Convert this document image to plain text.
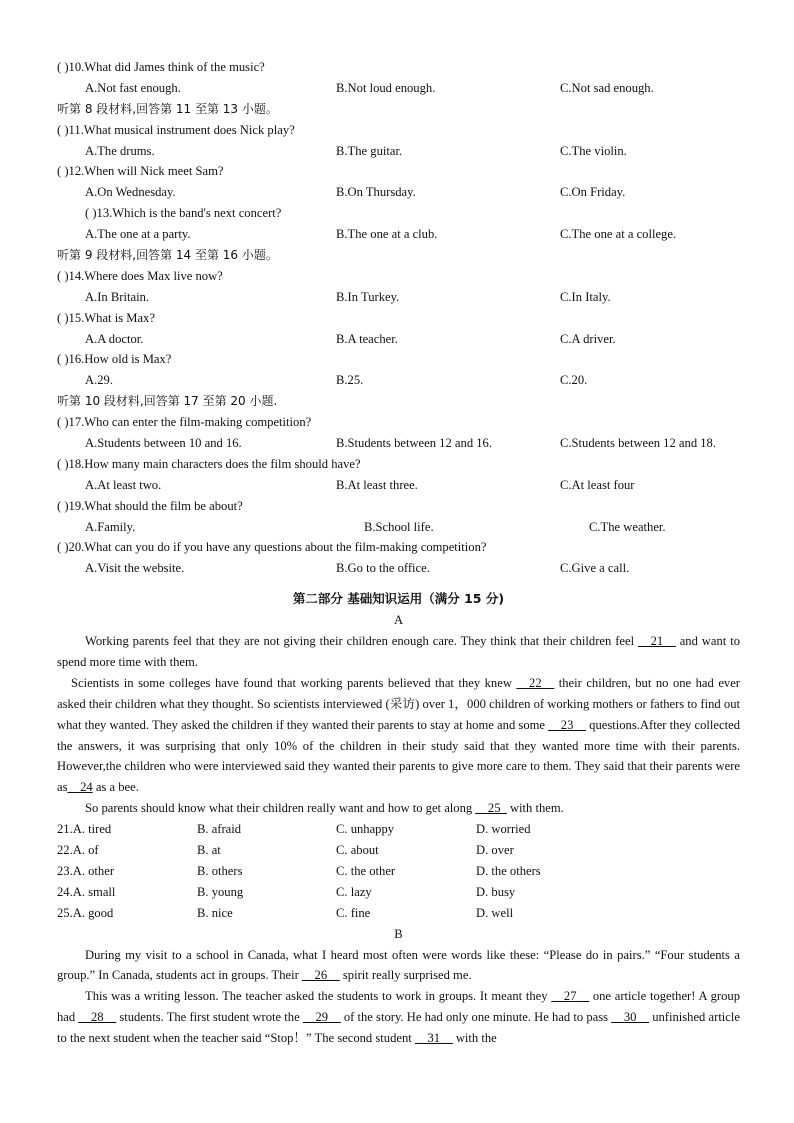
( )10.What did James think of the music?
A.Not fast enough.	B.Not loud enough.	C.Not sad enough.
听第 8 段材料,回答第 11 至第 13 小题。
( )11.What musical instrument does Nick play?
A.The drums.	B.The guitar.	C.The violin.
( )12.When will Nick meet Sam?
A.On Wednesday.	B.On Thursday.	C.On Friday.
( )13.Which is the band's next concert?
A.The one at a party.	B.The one at a club.	C.The one at a college.
听第 9 段材料,回答第 14 至第 16 小题。
( )14.Where does Max live now?
A.In Britain.	B.In Turkey.	C.In Italy.
( )15.What is Max?
A.A doctor.	B.A teacher.	C.A driver.
( )16.How old is Max?
A.29.	B.25.	C.20.
听第 10 段材料,回答第 17 至第 20 小题.
( )17.Who can enter the film-making competition?
A.Students between 10 and 16.	B.Students between 12 and 16.	C.Students between 12 and 18.
( )18.How many main characters does the film should have?
A.At least two.	B.At least three.	C.At least four
( )19.What should the film be about?
A.Family.	B.School life.	C.The weather.
( )20.What can you do if you have any questions about the film-making competition?
A.Visit the website.	B.Go to the office.	C.Give a call.
第二部分 基础知识运用（满分 15 分)
A
Working parents feel that they are not giving their children enough care. They think that their children feel __21__ and want to spend more time with them.
Scientists in some colleges have found that working parents believed that they knew __22__ their children, but no one had ever asked their children what they thought. So scientists interviewed (采访) over 1，000 children of working mothers or fathers to find out what they wanted. They asked the children if they wanted their parents to stay at home and some __23__ questions.After they collected the answers, it was surprising that only 10% of the children in their study said that they wanted more time with their parents. However,the children who were interviewed said they wanted their parents to give more care to them. They said that their parents were as__24 as a bee.
So parents should know what their children really want and how to get along __25_ with them.
21.A. tired	B. afraid	C. unhappy	D. worried
22.A. of	B. at	C. about	D. over
23.A. other	B. others	C. the other	D. the others
24.A. small	B. young	C. lazy	D. busy
25.A. good	B. nice	C. fine	D. well
B
During my visit to a school in Canada, what I heard most often were words like these: “Please do in pairs.” “Four students a group.” In Canada, students act in groups. Their __26__ spirit really surprised me.
This was a writing lesson. The teacher asked the students to work in groups. It meant they __27__ one article together! A group had __28__ students. The first student wrote the __29__ of the story. He had only one minute. He had to pass __30__ unfinished article to the next student when the teacher said “Stop！” The second student __31__ with the
